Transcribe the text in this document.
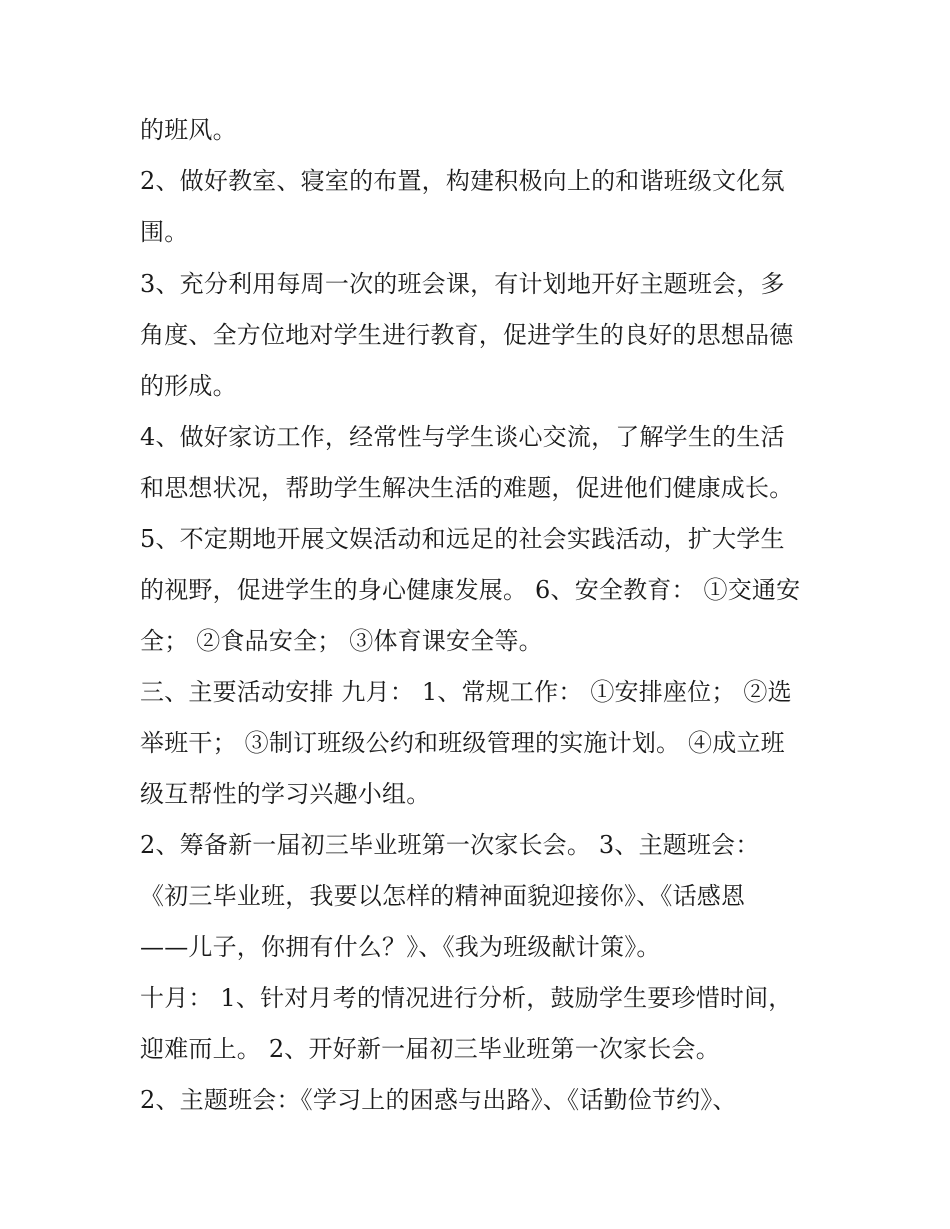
的班风。
2、做好教室、寝室的布置，构建积极向上的和谐班级文化氛
围。
3、充分利用每周一次的班会课，有计划地开好主题班会，多
角度、全方位地对学生进行教育，促进学生的良好的思想品德
的形成。
4、做好家访工作，经常性与学生谈心交流，了解学生的生活
和思想状况，帮助学生解决生活的难题，促进他们健康成长。
5、不定期地开展文娱活动和远足的社会实践活动，扩大学生
的视野，促进学生的身心健康发展。 6、安全教育： ①交通安
全； ②食品安全； ③体育课安全等。
三、主要活动安排 九月： 1、常规工作： ①安排座位； ②选
举班干； ③制订班级公约和班级管理的实施计划。 ④成立班
级互帮性的学习兴趣小组。
2、筹备新一届初三毕业班第一次家长会。 3、主题班会：
《初三毕业班，我要以怎样的精神面貌迎接你》、《话感恩
——儿子，你拥有什么？》、《我为班级献计策》。
十月： 1、针对月考的情况进行分析，鼓励学生要珍惜时间，
迎难而上。 2、开好新一届初三毕业班第一次家长会。
2、主题班会：《学习上的困惑与出路》、《话勤俭节约》、
